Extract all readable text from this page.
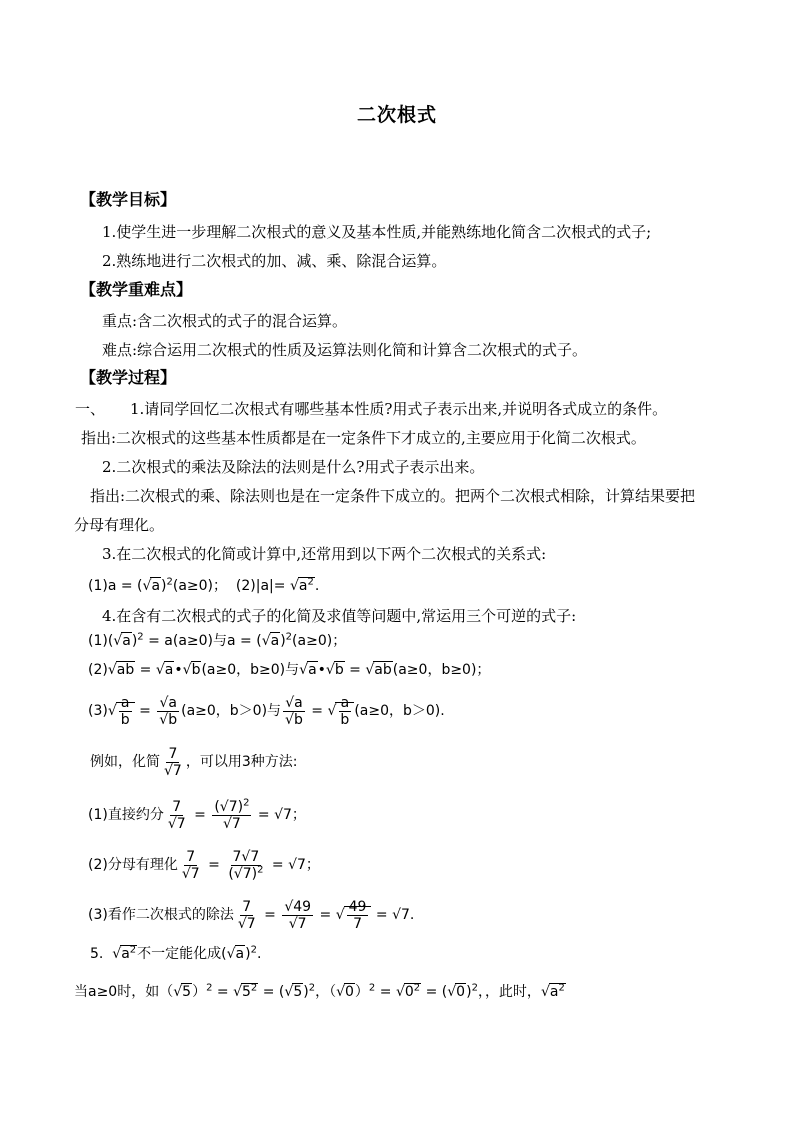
二次根式
【教学目标】
1.使学生进一步理解二次根式的意义及基本性质,并能熟练地化简含二次根式的式子;
2.熟练地进行二次根式的加、减、乘、除混合运算。
【教学重难点】
重点:含二次根式的式子的混合运算。
难点:综合运用二次根式的性质及运算法则化简和计算含二次根式的式子。
【教学过程】
一、 1.请同学回忆二次根式有哪些基本性质?用式子表示出来,并说明各式成立的条件。
指出:二次根式的这些基本性质都是在一定条件下才成立的,主要应用于化简二次根式。
2.二次根式的乘法及除法的法则是什么?用式子表示出来。
指出:二次根式的乘、除法则也是在一定条件下成立的。把两个二次根式相除，计算结果要把
分母有理化。
3.在二次根式的化简或计算中,还常用到以下两个二次根式的关系式:
$(1)a = (√a)^2(a\ge 0)$；  $(2)|a|= √a^2$.
4.在含有二次根式的式子的化简及求值等问题中,常运用三个可逆的式子:
$(1)(√a)^2 = a(a\ge 0)$与$a = (√a)^2(a\ge 0)$；
(2)√ab = √a•√b(a≥0，b≥0)与√a•√b = √ab(a≥0，b≥0)；
$(3)√ \frac{a}{b} = \frac{√a}{√b} (a\ge 0$，b＞0)与 $\frac{√a}{√b}$ = √ $\frac{a}{b} (a\ge 0$，b＞0).
例如，化简 $\frac{7}{√7}$ ，可以用3种方法:
(1)直接约分 $\frac{7}{√7} = \frac{(√7)^2}{√7} = √7$；
(2)分母有理化 $\frac{7}{√7} = \frac{7√7}{(√7)^2} = √7$；
(3)看作二次根式的除法 $\frac{7}{√7} = \frac{√49}{√7}$ = √ $\frac{49}{7} = √7$.
5. $√a^2$不一定能化成$(√a)^2$.
当a≥0时，如$(√5)^2 = √5^2 = (√5)^2$，$(√0)^2 = √0^2 = (√0)^2$，，此时，$√a^2$
